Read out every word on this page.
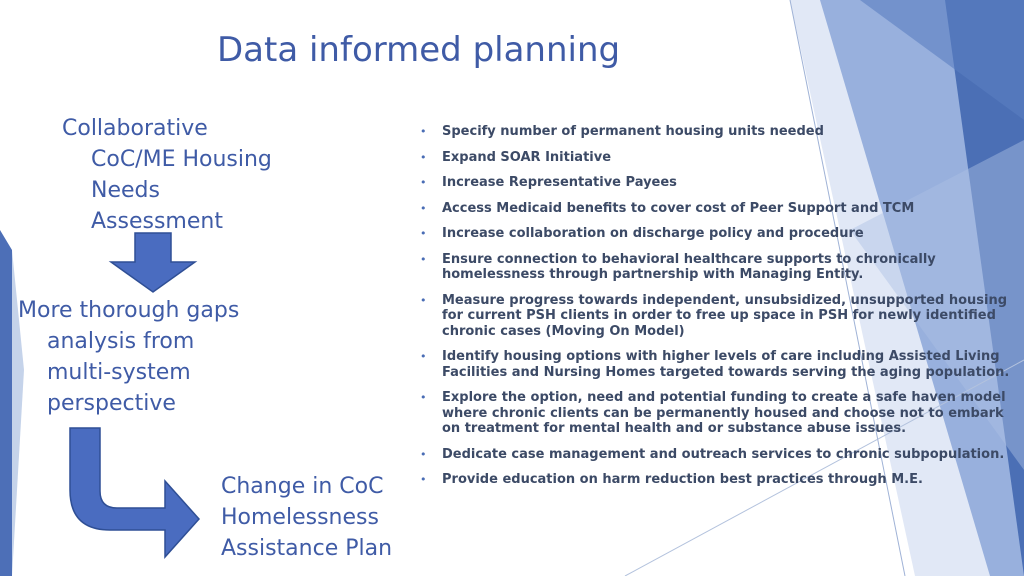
Data informed planning
Collaborative
CoC/ME Housing
Needs
Assessment
More thorough gaps
analysis from
multi-system
perspective
Change in CoC
Homelessness
Assistance Plan
• Specify number of permanent housing units needed
• Expand SOAR Initiative
• Increase Representative Payees
• Access Medicaid benefits to cover cost of Peer Support and TCM
• Increase collaboration on discharge policy and procedure
• Ensure connection to behavioral healthcare supports to chronically homelessness through partnership with Managing Entity.
• Measure progress towards independent, unsubsidized, unsupported housing for current PSH clients in order to free up space in PSH for newly identified chronic cases (Moving On Model)
• Identify housing options with higher levels of care including Assisted Living Facilities and Nursing Homes targeted towards serving the aging population.
• Explore the option, need and potential funding to create a safe haven model where chronic clients can be permanently housed and choose not to embark on treatment for mental health and or substance abuse issues.
• Dedicate case management and outreach services to chronic subpopulation.
• Provide education on harm reduction best practices through M.E.
